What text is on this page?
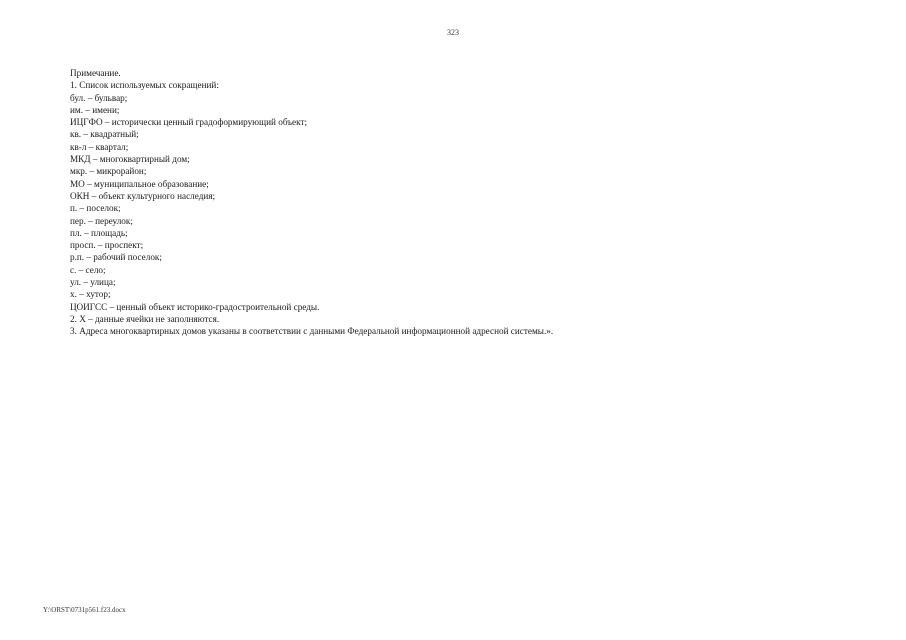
323
Примечание.
1. Список используемых сокращений:
бул. – бульвар;
им. – имени;
ИЦГФО – исторически ценный градоформирующий объект;
кв. – квадратный;
кв-л – квартал;
МКД – многоквартирный дом;
мкр. – микрорайон;
МО – муниципальное образование;
ОКН – объект культурного наследия;
п. – поселок;
пер. – переулок;
пл. – площадь;
просп. – проспект;
р.п. – рабочий поселок;
с. – село;
ул. – улица;
х. – хутор;
ЦОИГСС – ценный объект историко-градостроительной среды.
2. Х – данные ячейки не заполняются.
3. Адреса многоквартирных домов указаны в соответствии с данными Федеральной информационной адресной системы.».
Y:\ORST\0731p561.f23.docx
